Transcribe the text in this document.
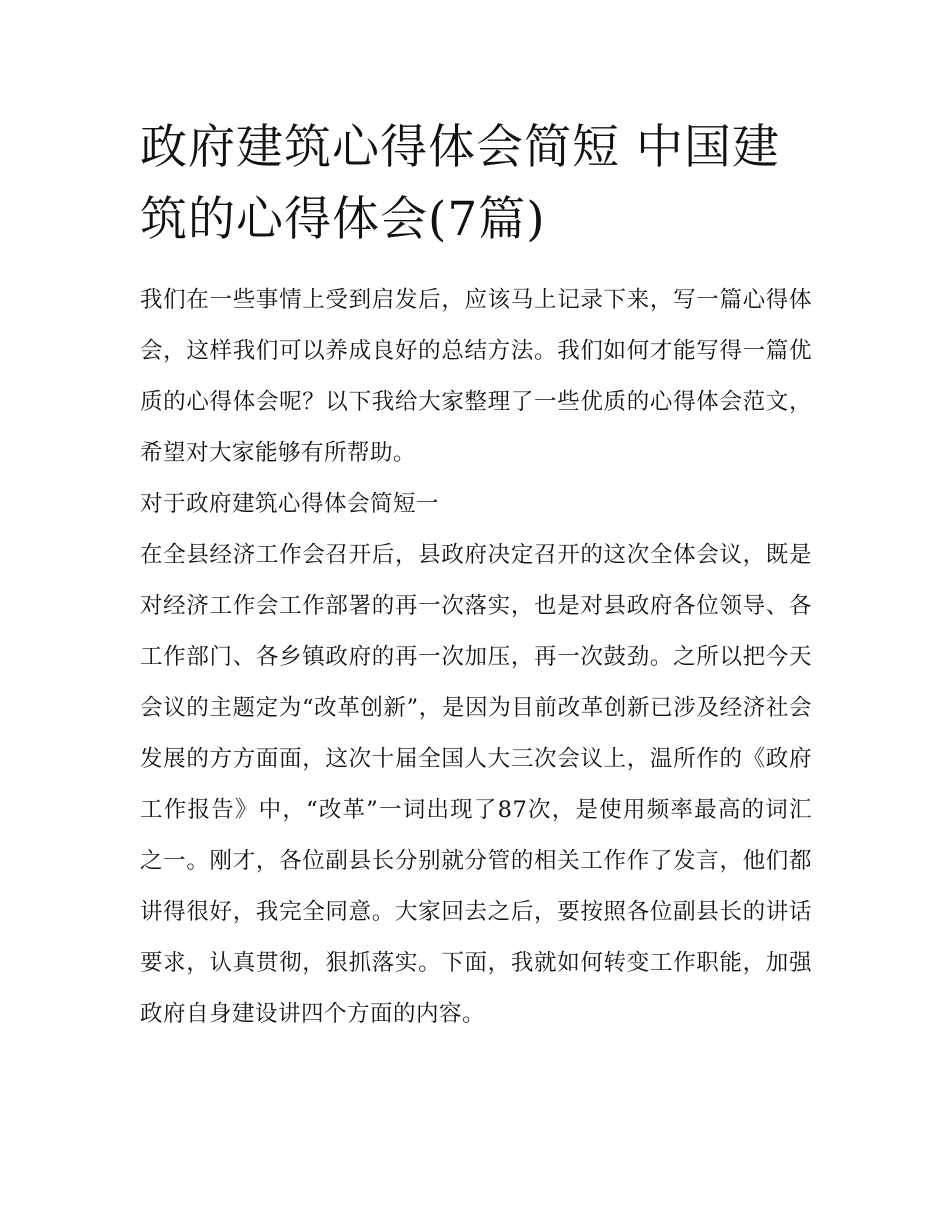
政府建筑心得体会简短 中国建筑的心得体会(7篇)

我们在一些事情上受到启发后，应该马上记录下来，写一篇心得体会，这样我们可以养成良好的总结方法。我们如何才能写得一篇优质的心得体会呢？以下我给大家整理了一些优质的心得体会范文，希望对大家能够有所帮助。

对于政府建筑心得体会简短一

在全县经济工作会召开后，县政府决定召开的这次全体会议，既是对经济工作会工作部署的再一次落实，也是对县政府各位领导、各工作部门、各乡镇政府的再一次加压，再一次鼓劲。之所以把今天会议的主题定为“改革创新”，是因为目前改革创新已涉及经济社会发展的方方面面，这次十届全国人大三次会议上，温所作的《政府工作报告》中，“改革”一词出现了87次，是使用频率最高的词汇之一。刚才，各位副县长分别就分管的相关工作作了发言，他们都讲得很好，我完全同意。大家回去之后，要按照各位副县长的讲话要求，认真贯彻，狠抓落实。下面，我就如何转变工作职能，加强政府自身建设讲四个方面的内容。
